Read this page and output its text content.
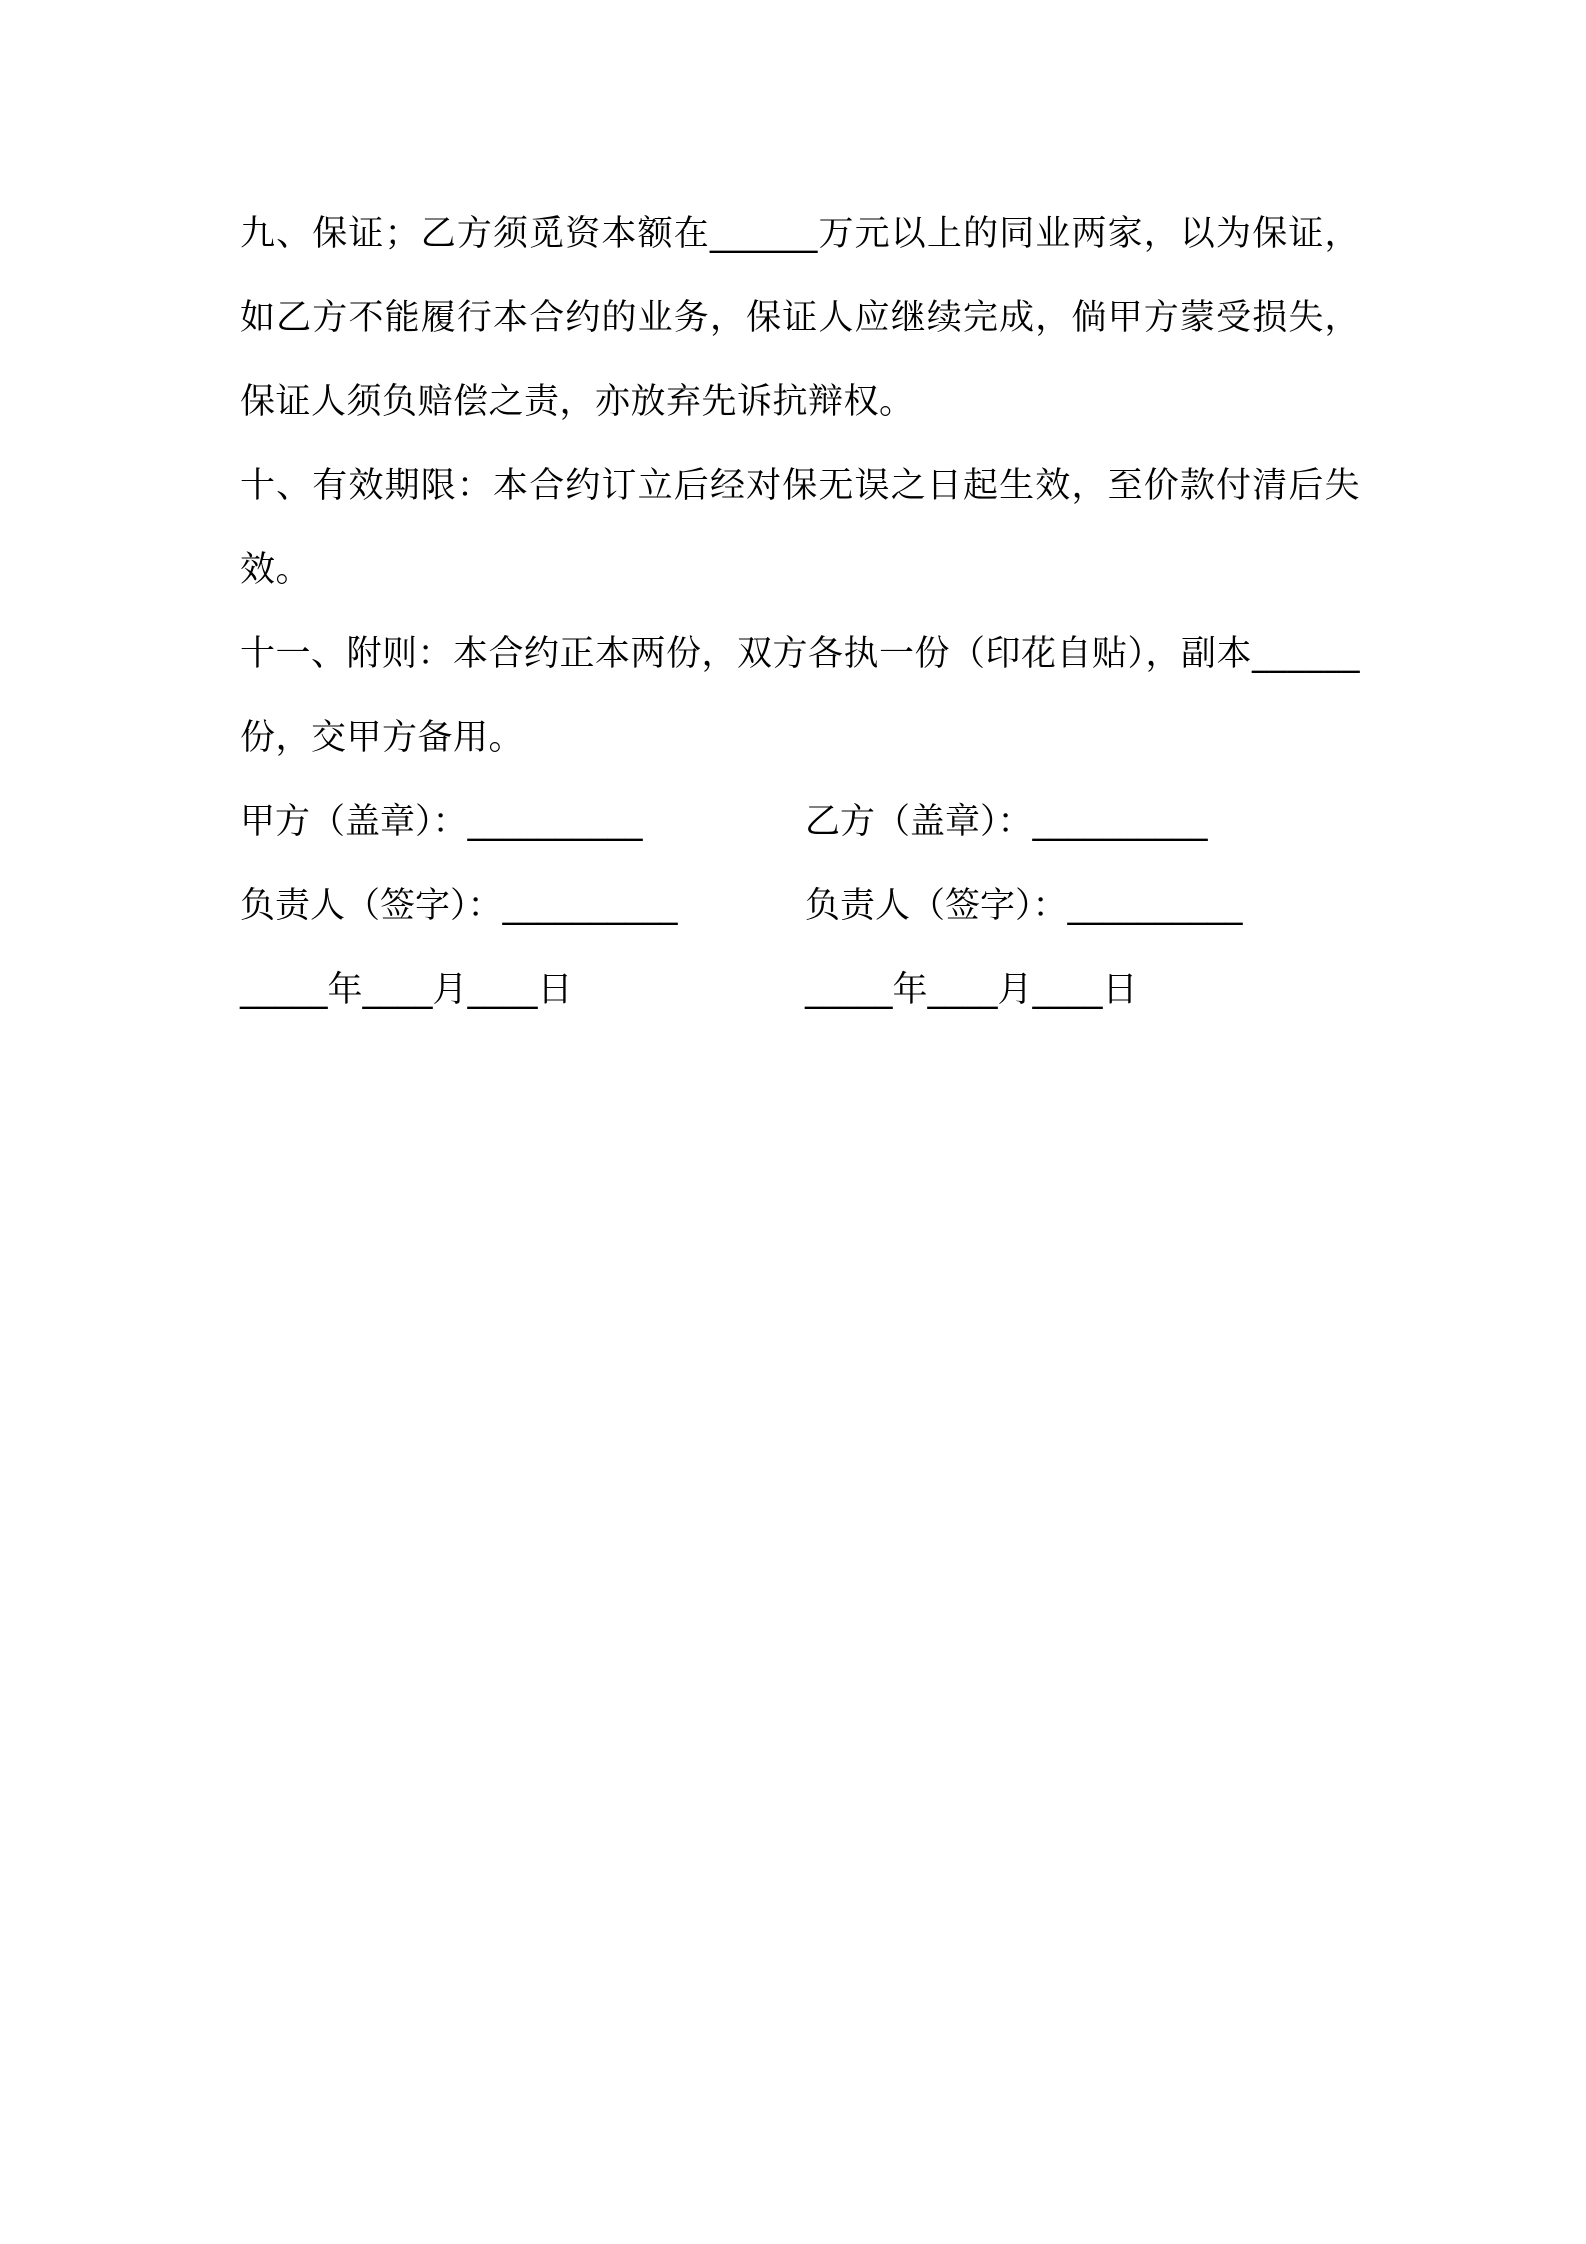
九、保证；乙方须觅资本额在______万元以上的同业两家，以为保证，如乙方不能履行本合约的业务，保证人应继续完成，倘甲方蒙受损失，保证人须负赔偿之责，亦放弃先诉抗辩权。

十、有效期限：本合约订立后经对保无误之日起生效，至价款付清后失效。

十一、附则：本合约正本两份，双方各执一份（印花自贴），副本______份，交甲方备用。

甲方（盖章）：__________	乙方（盖章）：__________
负责人（签字）：__________	负责人（签字）：__________
_____年____月____日	_____年____月____日
